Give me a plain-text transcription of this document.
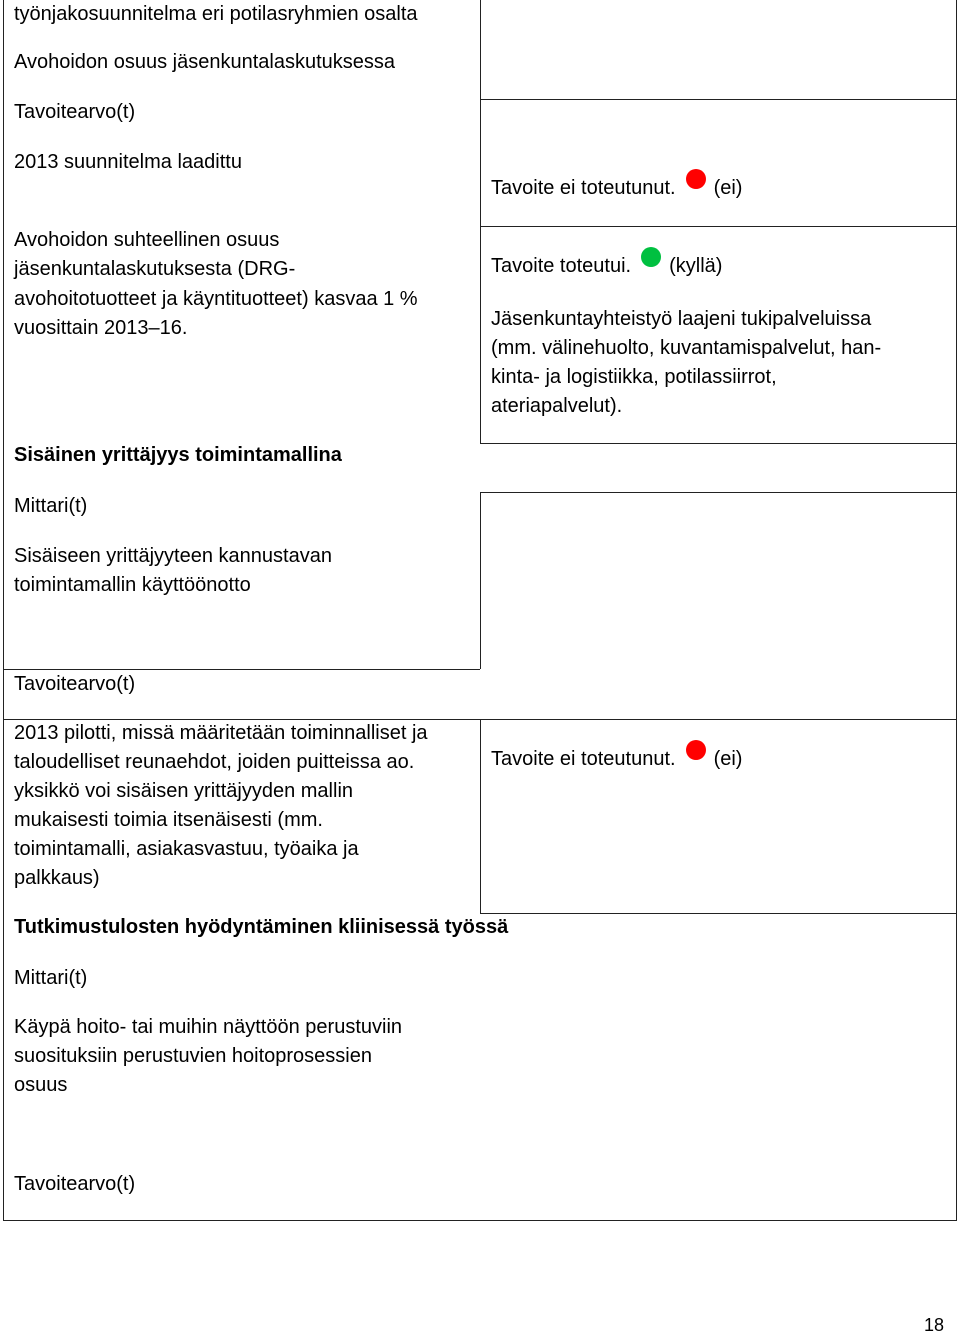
työnjakosuunnitelma eri potilasryhmien osalta
Avohoidon osuus jäsenkuntalaskutuksessa
Tavoitearvo(t)
2013 suunnitelma laadittu
Tavoite ei toteutunut. (ei)
Avohoidon suhteellinen osuus
jäsenkuntalaskutuksesta (DRG-
avohoitotuotteet ja käyntituotteet) kasvaa 1 %
vuosittain 2013–16.
Tavoite toteutui. (kyllä)
Jäsenkuntayhteistyö laajeni tukipalveluissa
(mm. välinehuolto, kuvantamispalvelut, han-
kinta- ja logistiikka, potilassiirrot,
ateriapalvelut).
Sisäinen yrittäjyys toimintamallina
Mittari(t)
Sisäiseen yrittäjyyteen kannustavan
toimintamallin käyttöönotto
Tavoitearvo(t)
2013 pilotti, missä määritetään toiminnalliset ja
taloudelliset reunaehdot, joiden puitteissa ao.
yksikkö voi sisäisen yrittäjyyden mallin
mukaisesti toimia itsenäisesti (mm.
toimintamalli, asiakasvastuu, työaika ja
palkkaus)
Tavoite ei toteutunut. (ei)
Tutkimustulosten hyödyntäminen kliinisessä työssä
Mittari(t)
Käypä hoito- tai muihin näyttöön perustuviin
suosituksiin perustuvien hoitoprosessien
osuus
Tavoitearvo(t)
18
